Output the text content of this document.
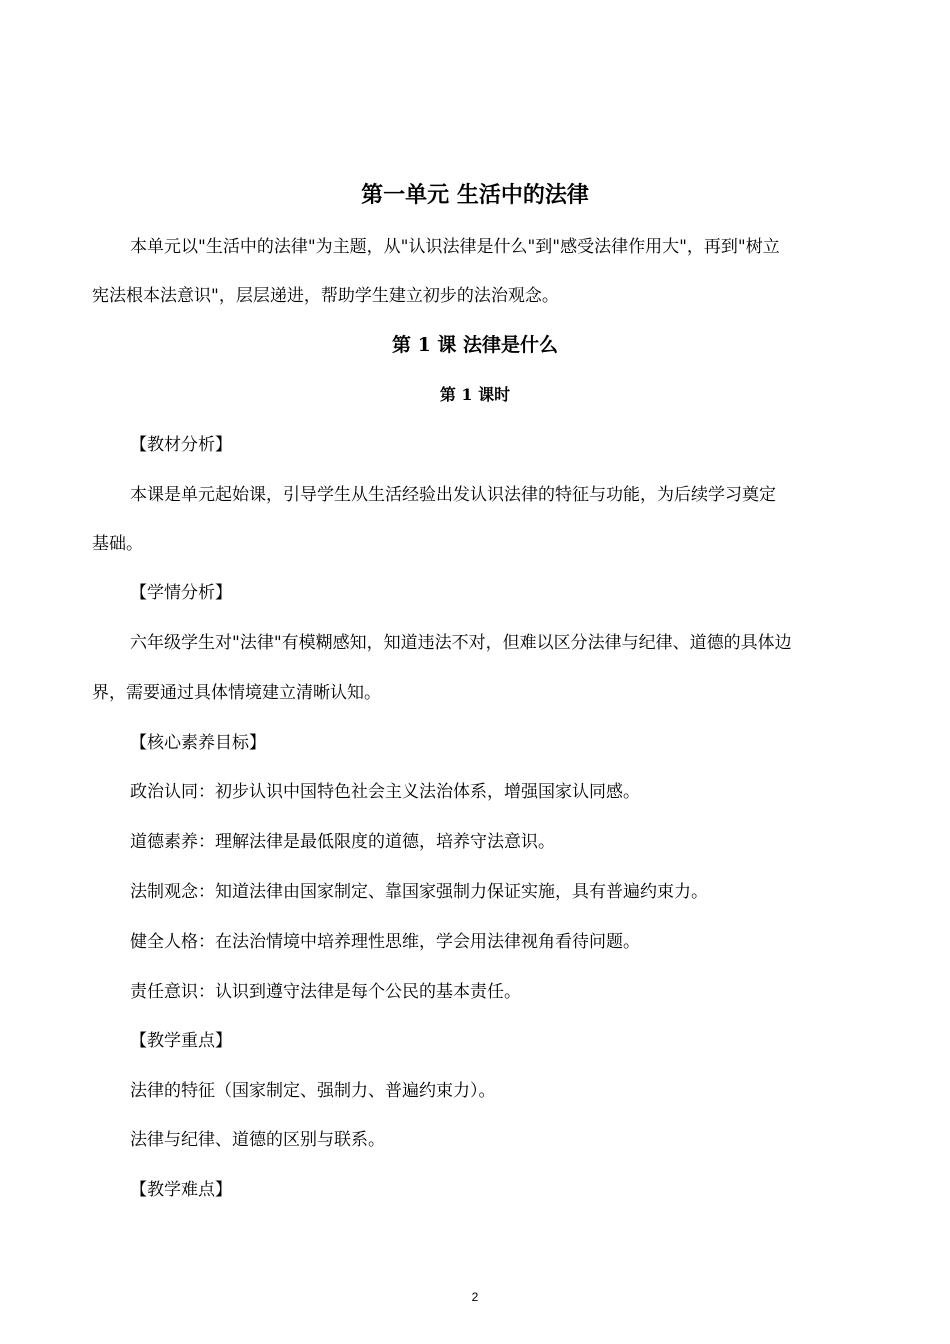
第一单元 生活中的法律
本单元以"生活中的法律"为主题，从"认识法律是什么"到"感受法律作用大"，再到"树立
宪法根本法意识"，层层递进，帮助学生建立初步的法治观念。
第 1 课 法律是什么
第 1 课时
【教材分析】
本课是单元起始课，引导学生从生活经验出发认识法律的特征与功能，为后续学习奠定
基础。
【学情分析】
六年级学生对"法律"有模糊感知，知道违法不对，但难以区分法律与纪律、道德的具体边
界，需要通过具体情境建立清晰认知。
【核心素养目标】
政治认同：初步认识中国特色社会主义法治体系，增强国家认同感。
道德素养：理解法律是最低限度的道德，培养守法意识。
法制观念：知道法律由国家制定、靠国家强制力保证实施，具有普遍约束力。
健全人格：在法治情境中培养理性思维，学会用法律视角看待问题。
责任意识：认识到遵守法律是每个公民的基本责任。
【教学重点】
法律的特征（国家制定、强制力、普遍约束力）。
法律与纪律、道德的区别与联系。
【教学难点】
2
